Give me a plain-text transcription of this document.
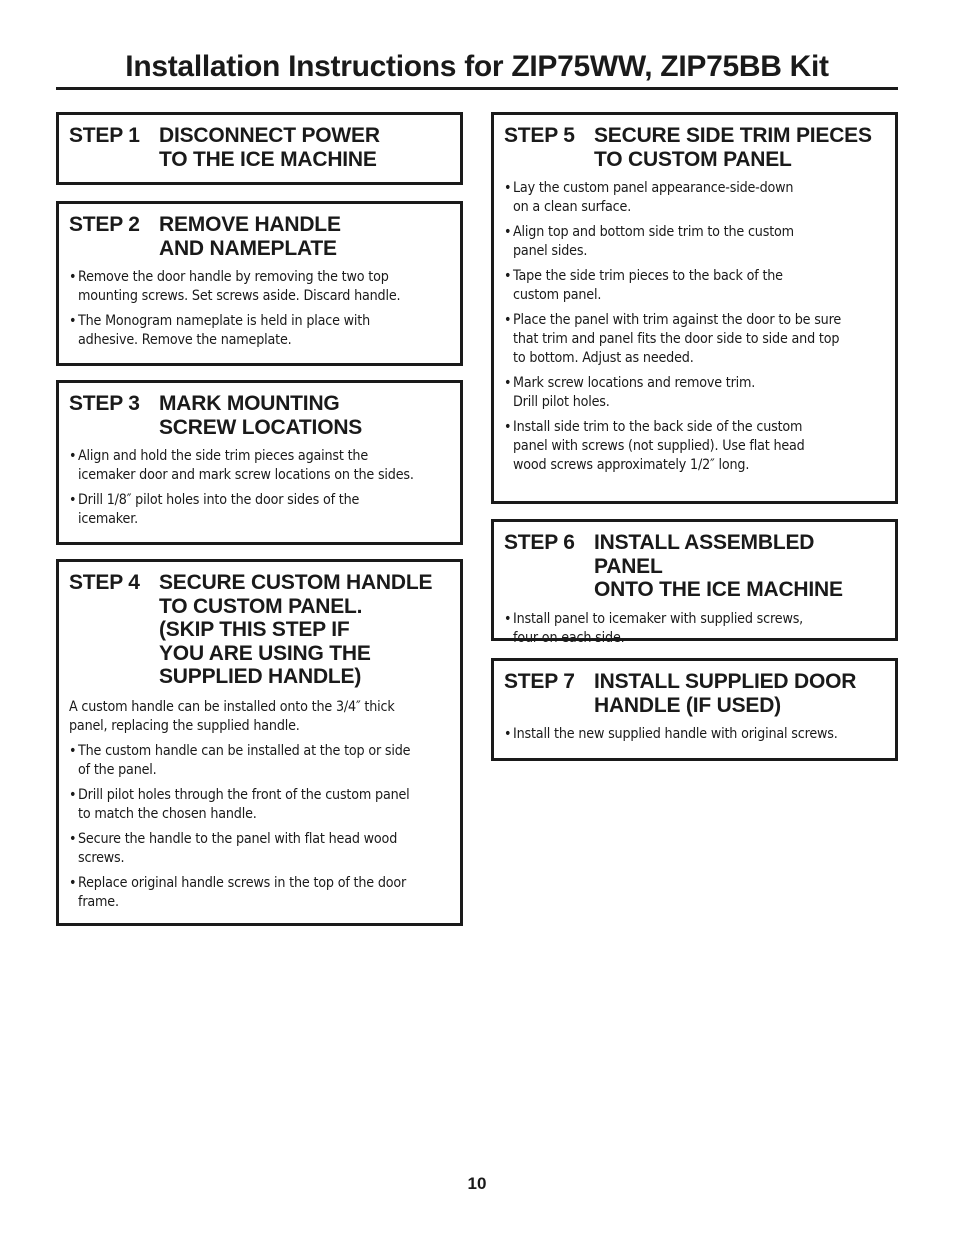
Installation Instructions for ZIP75WW, ZIP75BB Kit
STEP 1 DISCONNECT POWER
TO THE ICE MACHINE
STEP 2 REMOVE HANDLE
AND NAMEPLATE
• Remove the door handle by removing the two top
mounting screws. Set screws aside. Discard handle.
• The Monogram nameplate is held in place with
adhesive. Remove the nameplate.
STEP 3 MARK MOUNTING
SCREW LOCATIONS
• Align and hold the side trim pieces against the
icemaker door and mark screw locations on the sides.
• Drill 1/8″ pilot holes into the door sides of the
icemaker.
STEP 4 SECURE CUSTOM HANDLE
TO CUSTOM PANEL.
(SKIP THIS STEP IF
YOU ARE USING THE
SUPPLIED HANDLE)
A custom handle can be installed onto the 3/4″ thick
panel, replacing the supplied handle.
• The custom handle can be installed at the top or side
of the panel.
• Drill pilot holes through the front of the custom panel
to match the chosen handle.
• Secure the handle to the panel with flat head wood
screws.
• Replace original handle screws in the top of the door
frame.
STEP 5 SECURE SIDE TRIM PIECES
TO CUSTOM PANEL
• Lay the custom panel appearance-side-down
on a clean surface.
• Align top and bottom side trim to the custom
panel sides.
• Tape the side trim pieces to the back of the
custom panel.
• Place the panel with trim against the door to be sure
that trim and panel fits the door side to side and top
to bottom. Adjust as needed.
• Mark screw locations and remove trim.
Drill pilot holes.
• Install side trim to the back side of the custom
panel with screws (not supplied). Use flat head
wood screws approximately 1/2″ long.
STEP 6 INSTALL ASSEMBLED PANEL
ONTO THE ICE MACHINE
• Install panel to icemaker with supplied screws,
four on each side.
STEP 7 INSTALL SUPPLIED DOOR
HANDLE (IF USED)
• Install the new supplied handle with original screws.
10
